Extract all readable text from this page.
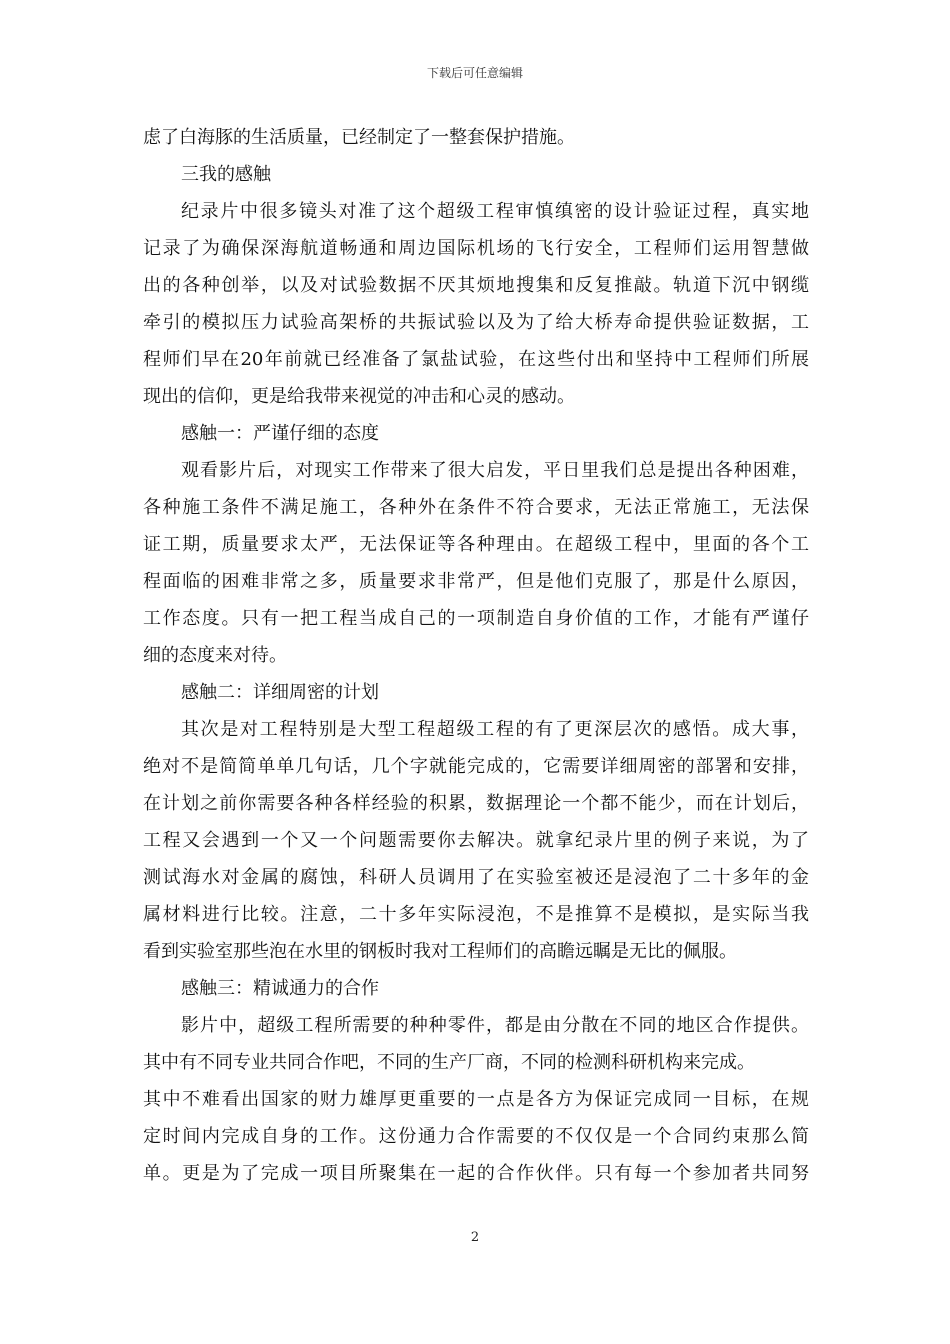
下载后可任意编辑
虑了白海豚的生活质量，已经制定了一整套保护措施。
三我的感触
纪录片中很多镜头对准了这个超级工程审慎缜密的设计验证过程，真实地
记录了为确保深海航道畅通和周边国际机场的飞行安全，工程师们运用智慧做
出的各种创举，以及对试验数据不厌其烦地搜集和反复推敲。轨道下沉中钢缆
牵引的模拟压力试验高架桥的共振试验以及为了给大桥寿命提供验证数据，工
程师们早在20年前就已经准备了氯盐试验，在这些付出和坚持中工程师们所展
现出的信仰，更是给我带来视觉的冲击和心灵的感动。
感触一：严谨仔细的态度
观看影片后，对现实工作带来了很大启发，平日里我们总是提出各种困难，
各种施工条件不满足施工，各种外在条件不符合要求，无法正常施工，无法保
证工期，质量要求太严，无法保证等各种理由。在超级工程中，里面的各个工
程面临的困难非常之多，质量要求非常严，但是他们克服了，那是什么原因，
工作态度。只有一把工程当成自己的一项制造自身价值的工作，才能有严谨仔
细的态度来对待。
感触二：详细周密的计划
其次是对工程特别是大型工程超级工程的有了更深层次的感悟。成大事，
绝对不是简简单单几句话，几个字就能完成的，它需要详细周密的部署和安排，
在计划之前你需要各种各样经验的积累，数据理论一个都不能少，而在计划后，
工程又会遇到一个又一个问题需要你去解决。就拿纪录片里的例子来说，为了
测试海水对金属的腐蚀，科研人员调用了在实验室被还是浸泡了二十多年的金
属材料进行比较。注意，二十多年实际浸泡，不是推算不是模拟，是实际当我
看到实验室那些泡在水里的钢板时我对工程师们的高瞻远瞩是无比的佩服。
感触三：精诚通力的合作
影片中，超级工程所需要的种种零件，都是由分散在不同的地区合作提供。
其中有不同专业共同合作吧，不同的生产厂商，不同的检测科研机构来完成。
其中不难看出国家的财力雄厚更重要的一点是各方为保证完成同一目标，在规
定时间内完成自身的工作。这份通力合作需要的不仅仅是一个合同约束那么简
单。更是为了完成一项目所聚集在一起的合作伙伴。只有每一个参加者共同努
2
